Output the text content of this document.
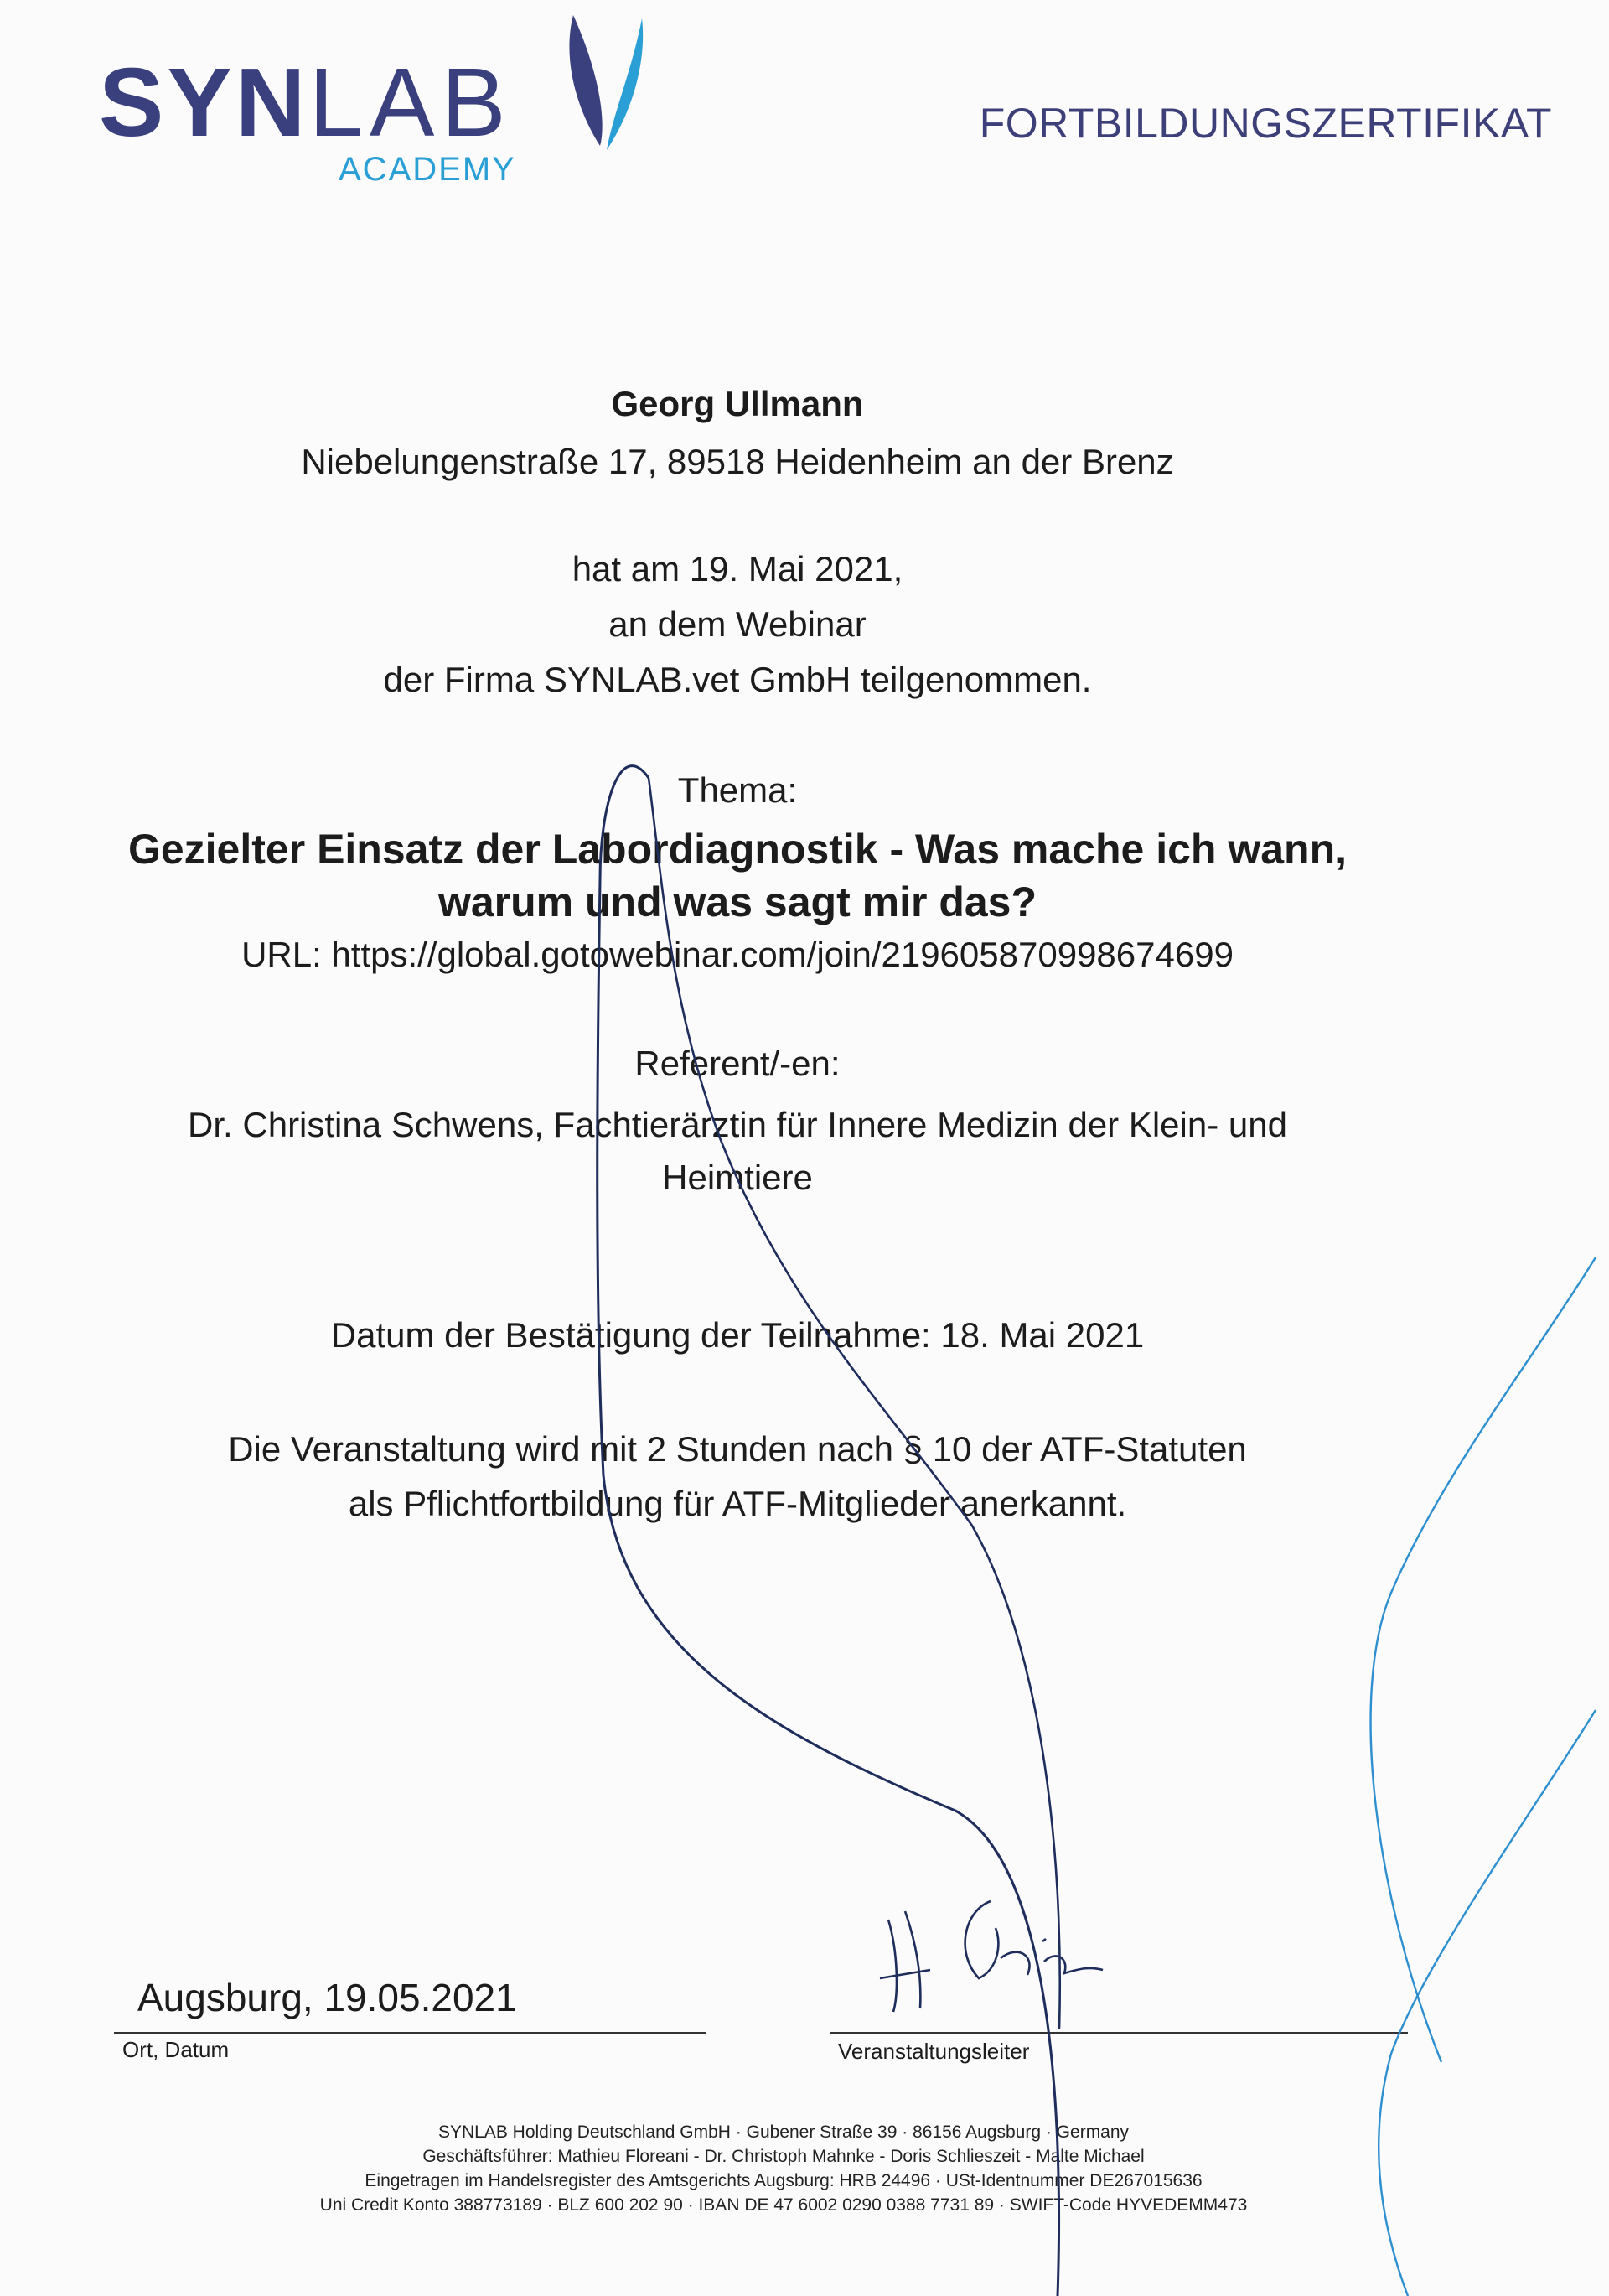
SYNLAB
ACADEMY
FORTBILDUNGSZERTIFIKAT
Georg Ullmann
Niebelungenstraße 17, 89518 Heidenheim an der Brenz
hat am 19. Mai 2021,
an dem Webinar
der Firma SYNLAB.vet GmbH teilgenommen.
Thema:
Gezielter Einsatz der Labordiagnostik - Was mache ich wann,
warum und was sagt mir das?
URL: https://global.gotowebinar.com/join/219605870998674699
Referent/-en:
Dr. Christina Schwens, Fachtierärztin für Innere Medizin der Klein- und
Heimtiere
Datum der Bestätigung der Teilnahme: 18. Mai 2021
Die Veranstaltung wird mit 2 Stunden nach § 10 der ATF-Statuten
als Pflichtfortbildung für ATF-Mitglieder anerkannt.
Augsburg, 19.05.2021
Ort, Datum	Veranstaltungsleiter
SYNLAB Holding Deutschland GmbH · Gubener Straße 39 · 86156 Augsburg · Germany
Geschäftsführer: Mathieu Floreani - Dr. Christoph Mahnke - Doris Schlieszeit - Malte Michael
Eingetragen im Handelsregister des Amtsgerichts Augsburg: HRB 24496 · USt-Identnummer DE267015636
Uni Credit Konto 388773189 · BLZ 600 202 90 · IBAN DE 47 6002 0290 0388 7731 89 · SWIFT-Code HYVEDEMM473
